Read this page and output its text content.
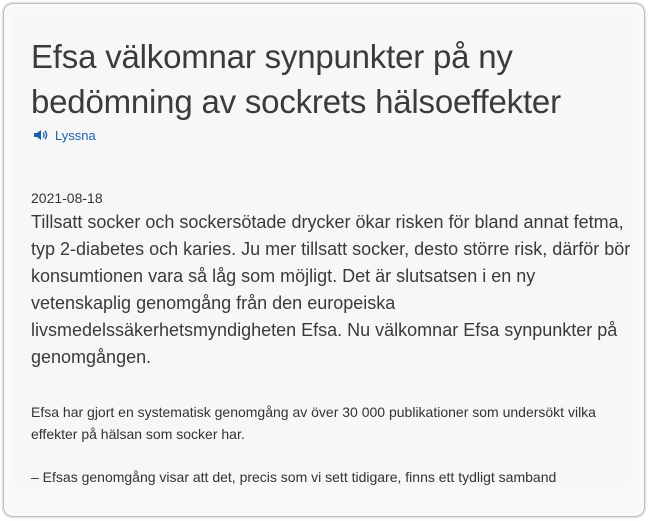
Efsa välkomnar synpunkter på ny bedömning av sockrets hälsoeffekter
Lyssna
2021-08-18

Tillsatt socker och sockersötade drycker ökar risken för bland annat fetma, typ 2-diabetes och karies. Ju mer tillsatt socker, desto större risk, därför bör konsumtionen vara så låg som möjligt. Det är slutsatsen i en ny vetenskaplig genomgång från den europeiska livsmedelssäkerhetsmyndigheten Efsa. Nu välkomnar Efsa synpunkter på genomgången.

Efsa har gjort en systematisk genomgång av över 30 000 publikationer som undersökt vilka effekter på hälsan som socker har.

– Efsas genomgång visar att det, precis som vi sett tidigare, finns ett tydligt samband
